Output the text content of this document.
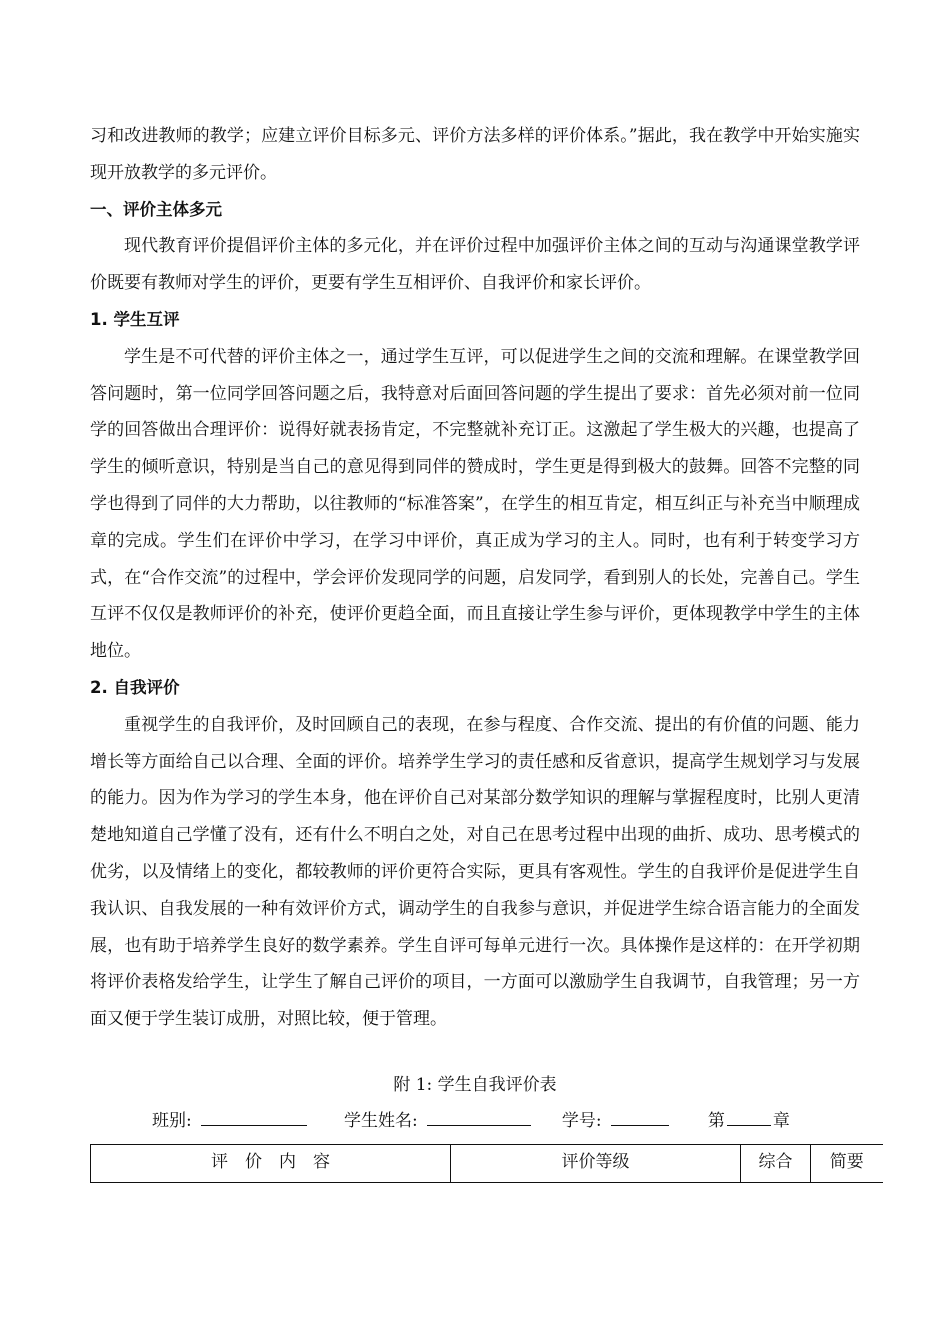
习和改进教师的教学；应建立评价目标多元、评价方法多样的评价体系。”据此，我在教学中开始实施实现开放教学的多元评价。

一、评价主体多元

现代教育评价提倡评价主体的多元化，并在评价过程中加强评价主体之间的互动与沟通课堂教学评价既要有教师对学生的评价，更要有学生互相评价、自我评价和家长评价。

1. 学生互评

学生是不可代替的评价主体之一，通过学生互评，可以促进学生之间的交流和理解。在课堂教学回答问题时，第一位同学回答问题之后，我特意对后面回答问题的学生提出了要求：首先必须对前一位同学的回答做出合理评价：说得好就表扬肯定，不完整就补充订正。这激起了学生极大的兴趣，也提高了学生的倾听意识，特别是当自己的意见得到同伴的赞成时，学生更是得到极大的鼓舞。回答不完整的同学也得到了同伴的大力帮助，以往教师的“标准答案”，在学生的相互肯定，相互纠正与补充当中顺理成章的完成。学生们在评价中学习，在学习中评价，真正成为学习的主人。同时，也有利于转变学习方式，在“合作交流”的过程中，学会评价发现同学的问题，启发同学，看到别人的长处，完善自己。学生互评不仅仅是教师评价的补充，使评价更趋全面，而且直接让学生参与评价，更体现教学中学生的主体地位。

2. 自我评价

重视学生的自我评价，及时回顾自己的表现，在参与程度、合作交流、提出的有价值的问题、能力增长等方面给自己以合理、全面的评价。培养学生学习的责任感和反省意识，提高学生规划学习与发展的能力。因为作为学习的学生本身，他在评价自己对某部分数学知识的理解与掌握程度时，比别人更清楚地知道自己学懂了没有，还有什么不明白之处，对自己在思考过程中出现的曲折、成功、思考模式的优劣，以及情绪上的变化，都较教师的评价更符合实际，更具有客观性。学生的自我评价是促进学生自我认识、自我发展的一种有效评价方式，调动学生的自我参与意识，并促进学生综合语言能力的全面发展，也有助于培养学生良好的数学素养。学生自评可每单元进行一次。具体操作是这样的：在开学初期将评价表格发给学生，让学生了解自己评价的项目，一方面可以激励学生自我调节，自我管理；另一方面又便于学生装订成册，对照比较，便于管理。

附 1: 学生自我评价表
班别:	学生姓名:	学号:	第	章
评　价　内　容	评价等级	综合	简要
